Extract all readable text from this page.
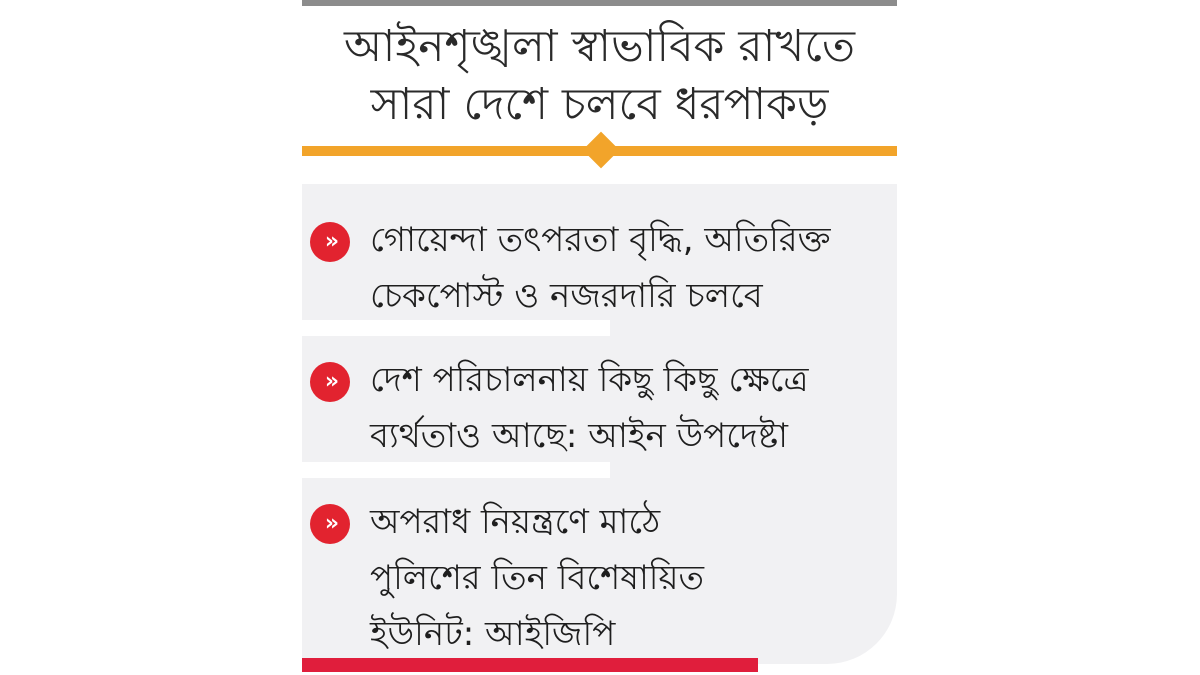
আইনশৃঙ্খলা স্বাভাবিক রাখতে
সারা দেশে চলবে ধরপাকড়
»	গোয়েন্দা তৎপরতা বৃদ্ধি, অতিরিক্ত
চেকপোস্ট ও নজরদারি চলবে
»	দেশ পরিচালনায় কিছু কিছু ক্ষেত্রে
ব্যর্থতাও আছে: আইন উপদেষ্টা
»	অপরাধ নিয়ন্ত্রণে মাঠে
পুলিশের তিন বিশেষায়িত
ইউনিট: আইজিপি
